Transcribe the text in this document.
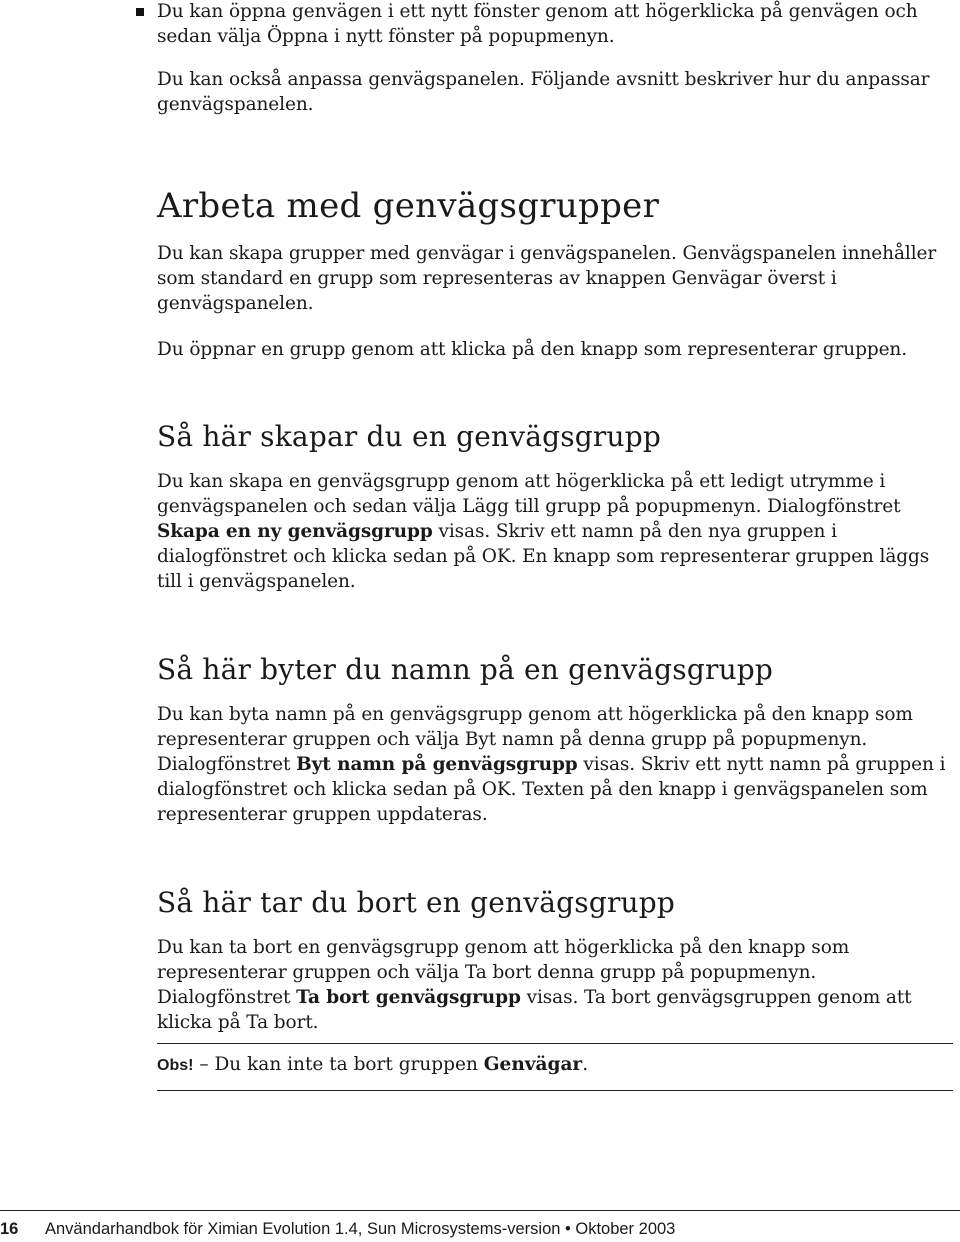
Du kan öppna genvägen i ett nytt fönster genom att högerklicka på genvägen och sedan välja Öppna i nytt fönster på popupmenyn.

Du kan också anpassa genvägspanelen. Följande avsnitt beskriver hur du anpassar genvägspanelen.

Arbeta med genvägsgrupper

Du kan skapa grupper med genvägar i genvägspanelen. Genvägspanelen innehåller som standard en grupp som representeras av knappen Genvägar överst i genvägspanelen.

Du öppnar en grupp genom att klicka på den knapp som representerar gruppen.

Så här skapar du en genvägsgrupp

Du kan skapa en genvägsgrupp genom att högerklicka på ett ledigt utrymme i genvägspanelen och sedan välja Lägg till grupp på popupmenyn. Dialogfönstret Skapa en ny genvägsgrupp visas. Skriv ett namn på den nya gruppen i dialogfönstret och klicka sedan på OK. En knapp som representerar gruppen läggs till i genvägspanelen.

Så här byter du namn på en genvägsgrupp

Du kan byta namn på en genvägsgrupp genom att högerklicka på den knapp som representerar gruppen och välja Byt namn på denna grupp på popupmenyn. Dialogfönstret Byt namn på genvägsgrupp visas. Skriv ett nytt namn på gruppen i dialogfönstret och klicka sedan på OK. Texten på den knapp i genvägspanelen som representerar gruppen uppdateras.

Så här tar du bort en genvägsgrupp

Du kan ta bort en genvägsgrupp genom att högerklicka på den knapp som representerar gruppen och välja Ta bort denna grupp på popupmenyn. Dialogfönstret Ta bort genvägsgrupp visas. Ta bort genvägsgruppen genom att klicka på Ta bort.

Obs! – Du kan inte ta bort gruppen Genvägar.
16 Användarhandbok för Ximian Evolution 1.4, Sun Microsystems-version • Oktober 2003
